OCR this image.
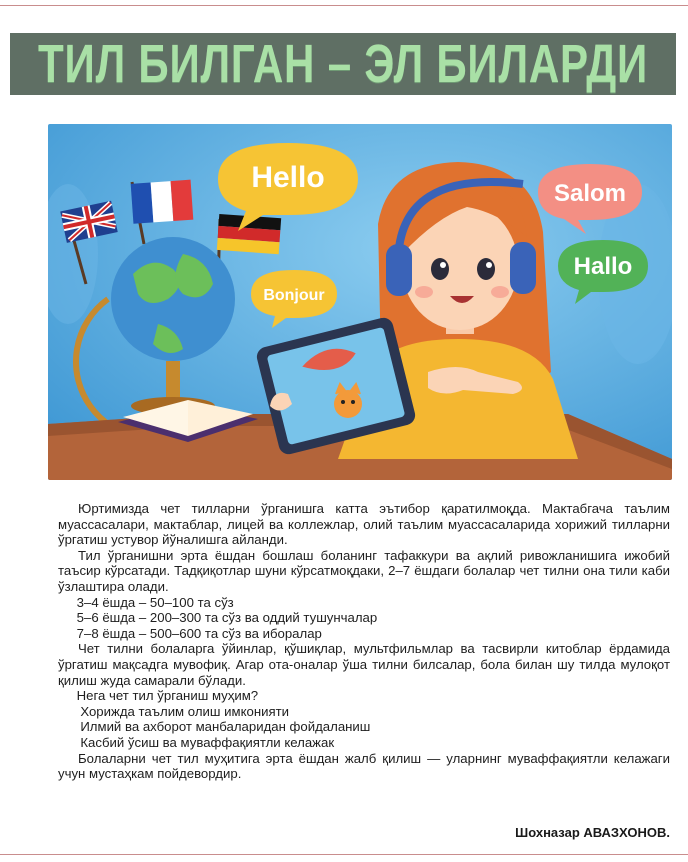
ТИЛ БИЛГАН – ЭЛ БИЛАРДИ
Hello	Salom
Hallo
Bonjour

Юртимизда чет тилларни ўрганишга катта эътибор қаратилмоқда. Мактабгача таълим муассасалари, мактаблар, лицей ва коллежлар, олий таълим муассасаларида хорижий тилларни ўргатиш устувор йўналишга айланди.

Тил ўрганишни эрта ёшдан бошлаш боланинг тафаккури ва ақлий ривожланишига ижобий таъсир кўрсатади. Тадқиқотлар шуни кўрсатмоқдаки, 2–7 ёшдаги болалар чет тилни она тили каби ўзлаштира олади.

3–4 ёшда – 50–100 та сўз

5–6 ёшда – 200–300 та сўз ва оддий тушунчалар

7–8 ёшда – 500–600 та сўз ва иборалар

Чет тилни болаларга ўйинлар, қўшиқлар, мультфильмлар ва тасвирли китоблар ёрдамида ўргатиш мақсадга мувофиқ. Агар ота-оналар ўша тилни билсалар, бола билан шу тилда мулоқот қилиш жуда самарали бўлади.

Нега чет тил ўрганиш муҳим?

Хорижда таълим олиш имконияти

Илмий ва ахборот манбаларидан фойдаланиш

Касбий ўсиш ва муваффақиятли келажак

Болаларни чет тил муҳитига эрта ёшдан жалб қилиш — уларнинг муваффақиятли келажаги учун мустаҳкам пойдевордир.

Шохназар АВАЗХОНОВ.
